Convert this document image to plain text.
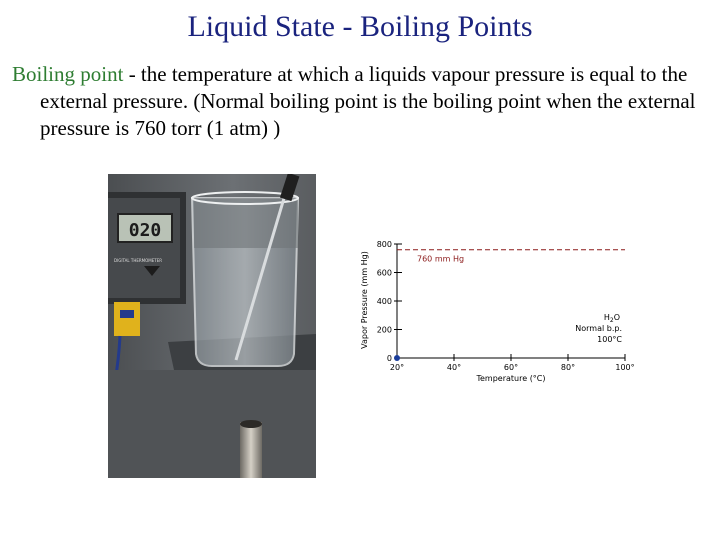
Liquid State - Boiling Points
Boiling point - the temperature at which a liquids vapour pressure is equal to the external pressure. (Normal boiling point is the boiling point when the external pressure is 760 torr (1 atm) )
020
DIGITAL THERMOMETER	Vapor Pressure (mm Hg)
0
200
400
600
800
20°	40°	60°	80°	100°
760 mm Hg
Temperature (°C)
$H_2O$
Normal b.p.
100°C
